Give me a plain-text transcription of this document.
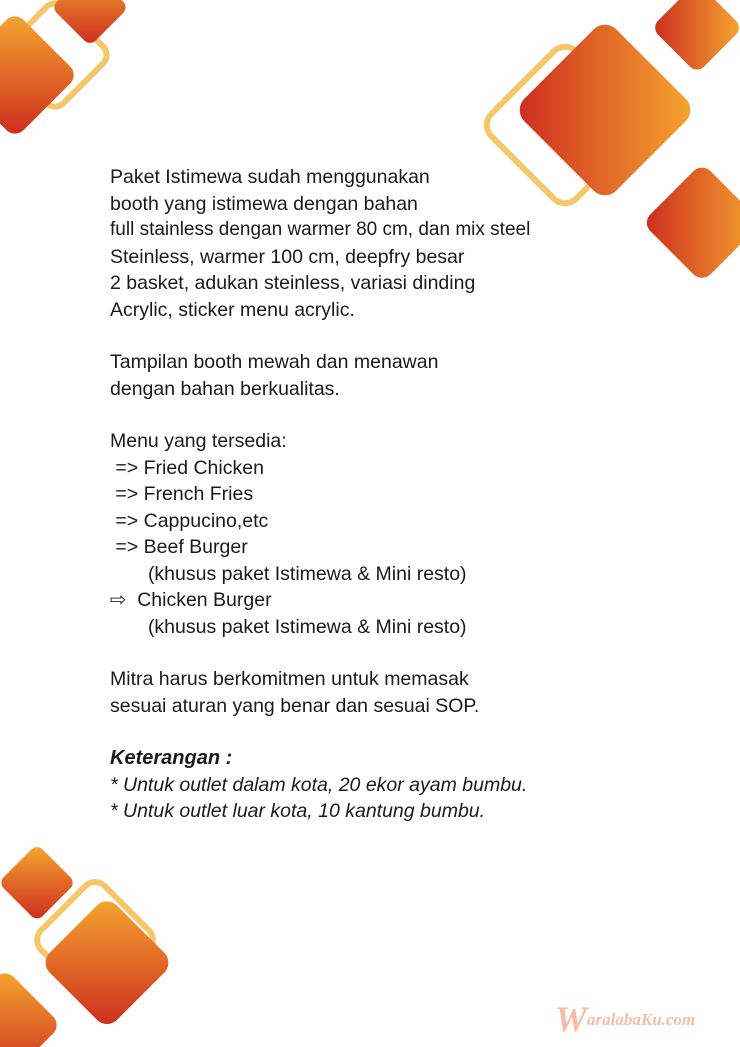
Paket Istimewa sudah menggunakan
booth yang istimewa dengan bahan
full stainless dengan warmer 80 cm, dan mix steel
Steinless, warmer 100 cm, deepfry besar
2 basket, adukan steinless, variasi dinding
Acrylic, sticker menu acrylic.
Tampilan booth mewah dan menawan
dengan bahan berkualitas.
Menu yang tersedia:
=> Fried Chicken
=> French Fries
=> Cappucino,etc
=> Beef Burger
(khusus paket Istimewa & Mini resto)
⇨  Chicken Burger
(khusus paket Istimewa & Mini resto)
Mitra harus berkomitmen untuk memasak
sesuai aturan yang benar dan sesuai SOP.
Keterangan :
* Untuk outlet dalam kota, 20 ekor ayam bumbu.
* Untuk outlet luar kota, 10 kantung bumbu.
WaralabaKu.com
